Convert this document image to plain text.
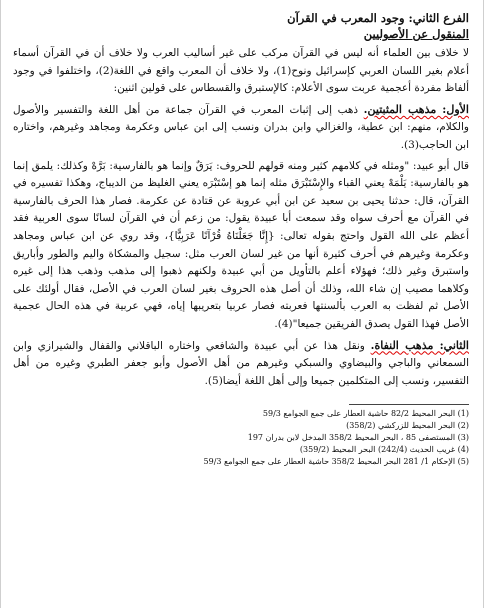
الفرع الثاني: وجود المعرب في القرآن
المنقول عن الأصوليين

لا خلاف بين العلماء أنه ليس في القرآن مركب على غير أساليب العرب ولا خلاف أن في القرآن أسماء أعلام بغير اللسان العربي كإسرائيل ونوح(1)، ولا خلاف أن المعرب واقع في اللغة(2)، واختلفوا في وجود ألفاظ مفردة أعجمية عربت سوى الأعلام: كالإستبرق والقسطاس على قولين اثنين:

الأول: مذهب المثبتين. ذهب إلى إثبات المعرب في القرآن جماعة من أهل اللغة والتفسير والأصول والكلام، منهم: ابن عطية، والغزالي وابن بدران ونسب إلى ابن عباس وعكرمة ومجاهد وغيرهم، واختاره ابن الحاجب(3).

قال أبو عبيد: "ومثله في كلامهم كثير ومنه قولهم للحروف: يَرَقٌ وإنما هو بالفارسية: بَرَّهْ وكذلك: يلمق إنما هو بالفارسية: يَلْمَهْ يعني القباء والإِسْتَبْرَق مثله إنما هو إسْتَبْرَه يعني الغليظ من الديباج، وهكذا تفسيره في القرآن، قال: حدثنا يحيى بن سعيد عن ابن أبي عروبة عن قتادة عن عكرمة. فصار هذا الحرف بالفارسية في القرآن مع أحرف سواه وقد سمعت أبا عبيدة يقول: من زعم أن في القرآن لسانًا سوى العربية فقد أعظم على الله القول واحتج بقوله تعالى: {إِنَّا جَعَلْنَاهُ قُرْآنًا عَرَبِيًّا}، وقد روي عن ابن عباس ومجاهد وعكرمة وغيرهم في أحرف كثيرة أنها من غير لسان العرب مثل: سجيل والمشكاة واليم والطور وأباريق واستبرق وغير ذلك؛ فهؤلاء أعلم بالتأويل من أبي عبيدة ولكنهم ذهبوا إلى مذهب وذهب هذا إلى غيره وكلاهما مصيب إن شاء الله، وذلك أن أصل هذه الحروف بغير لسان العرب في الأصل، فقال أولئك على الأصل ثم لفظت به العرب بألسنتها فعربته فصار عربيا بتعريبها إياه، فهي عربية في هذه الحال عجمية الأصل فهذا القول يصدق الفريقين جميعا"(4).

الثاني: مذهب النفاة. ونقل هذا عن أبي عبيدة والشافعي واختاره الباقلاني والقفال والشيرازي وابن السمعاني والباجي والبيضاوي والسبكي وغيرهم من أهل الأصول وأبو جعفر الطبري وغيره من أهل التفسير، ونسب إلى المتكلمين جميعا وإلى أهل اللغة أيضا(5).

(1) البحر المحيط 82/2 حاشية العطار على جمع الجوامع 59/3
(2) البحر المحيط للزركشي (358/2)
(3) المستصفى 85 ، البحر المحيط 358/2 المدخل لابن بدران 197
(4) غريب الحديث (242/4) البحر المحيط (359/2)
(5) الإحكام 1/ 281 البحر المحيط 358/2 حاشية العطار على جمع الجوامع 59/3
